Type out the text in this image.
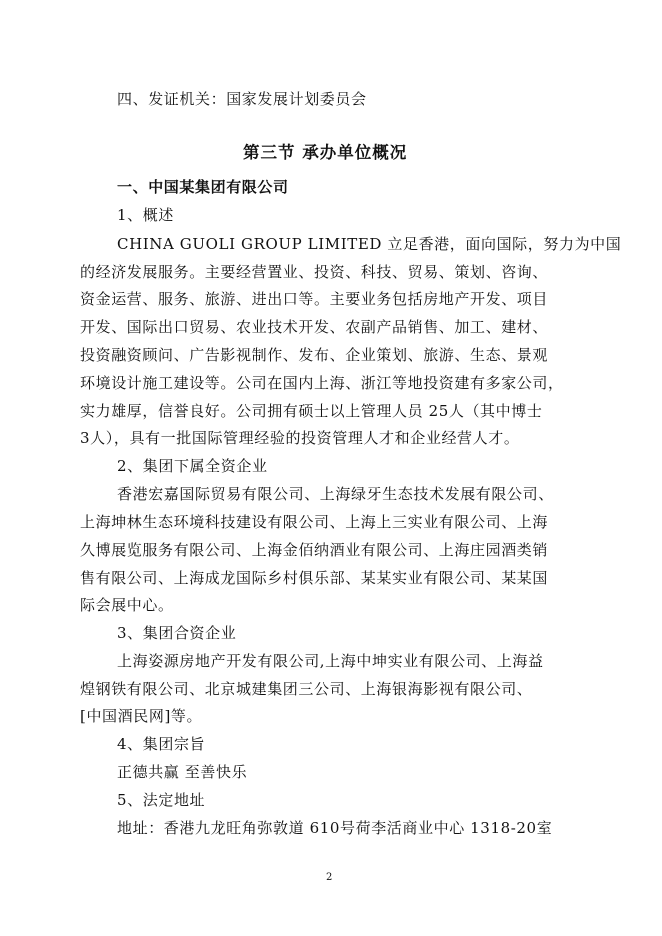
四、发证机关：国家发展计划委员会
第三节 承办单位概况
一、中国某集团有限公司
1、概述
CHINA GUOLI GROUP LIMITED 立足香港，面向国际，努力为中国
的经济发展服务。主要经营置业、投资、科技、贸易、策划、咨询、
资金运营、服务、旅游、进出口等。主要业务包括房地产开发、项目
开发、国际出口贸易、农业技术开发、农副产品销售、加工、建材、
投资融资顾问、广告影视制作、发布、企业策划、旅游、生态、景观
环境设计施工建设等。公司在国内上海、浙江等地投资建有多家公司，
实力雄厚，信誉良好。公司拥有硕士以上管理人员 25人（其中博士
3人），具有一批国际管理经验的投资管理人才和企业经营人才。
2、集团下属全资企业
香港宏嘉国际贸易有限公司、上海绿牙生态技术发展有限公司、
上海坤林生态环境科技建设有限公司、上海上三实业有限公司、上海
久博展览服务有限公司、上海金佰纳酒业有限公司、上海庄园酒类销
售有限公司、上海成龙国际乡村俱乐部、某某实业有限公司、某某国
际会展中心。
3、集团合资企业
上海姿源房地产开发有限公司,上海中坤实业有限公司、上海益
煌钢铁有限公司、北京城建集团三公司、上海银海影视有限公司、
[中国酒民网]等。
4、集团宗旨
正德共赢 至善快乐
5、法定地址
地址：香港九龙旺角弥敦道 610号荷李活商业中心 1318-20室
2
